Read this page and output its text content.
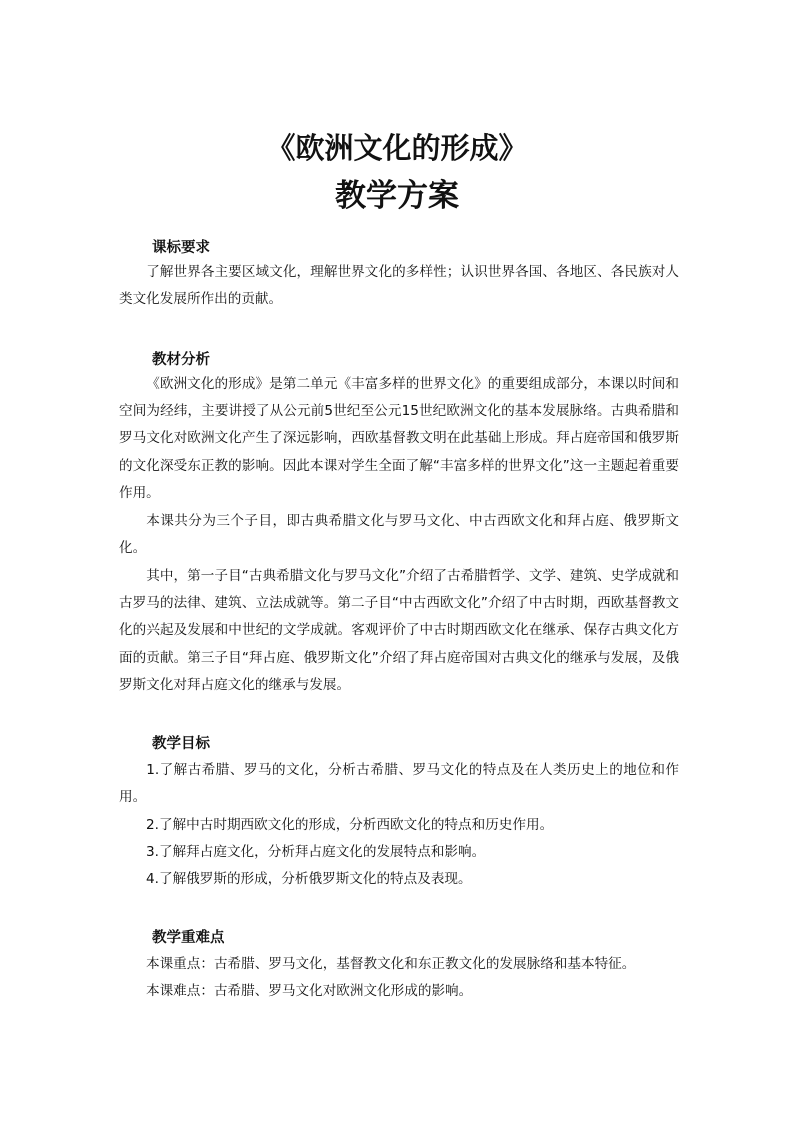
《欧洲文化的形成》
教学方案
课标要求

了解世界各主要区域文化，理解世界文化的多样性；认识世界各国、各地区、各民族对人类文化发展所作出的贡献。

教材分析

《欧洲文化的形成》是第二单元《丰富多样的世界文化》的重要组成部分，本课以时间和空间为经纬，主要讲授了从公元前5世纪至公元15世纪欧洲文化的基本发展脉络。古典希腊和罗马文化对欧洲文化产生了深远影响，西欧基督教文明在此基础上形成。拜占庭帝国和俄罗斯的文化深受东正教的影响。因此本课对学生全面了解“丰富多样的世界文化”这一主题起着重要作用。

本课共分为三个子目，即古典希腊文化与罗马文化、中古西欧文化和拜占庭、俄罗斯文化。

其中，第一子目“古典希腊文化与罗马文化”介绍了古希腊哲学、文学、建筑、史学成就和古罗马的法律、建筑、立法成就等。第二子目“中古西欧文化”介绍了中古时期，西欧基督教文化的兴起及发展和中世纪的文学成就。客观评价了中古时期西欧文化在继承、保存古典文化方面的贡献。第三子目“拜占庭、俄罗斯文化”介绍了拜占庭帝国对古典文化的继承与发展，及俄罗斯文化对拜占庭文化的继承与发展。

教学目标

1.了解古希腊、罗马的文化，分析古希腊、罗马文化的特点及在人类历史上的地位和作用。

2.了解中古时期西欧文化的形成，分析西欧文化的特点和历史作用。
3.了解拜占庭文化，分析拜占庭文化的发展特点和影响。
4.了解俄罗斯的形成，分析俄罗斯文化的特点及表现。
教学重难点
本课重点：古希腊、罗马文化，基督教文化和东正教文化的发展脉络和基本特征。
本课难点：古希腊、罗马文化对欧洲文化形成的影响。
